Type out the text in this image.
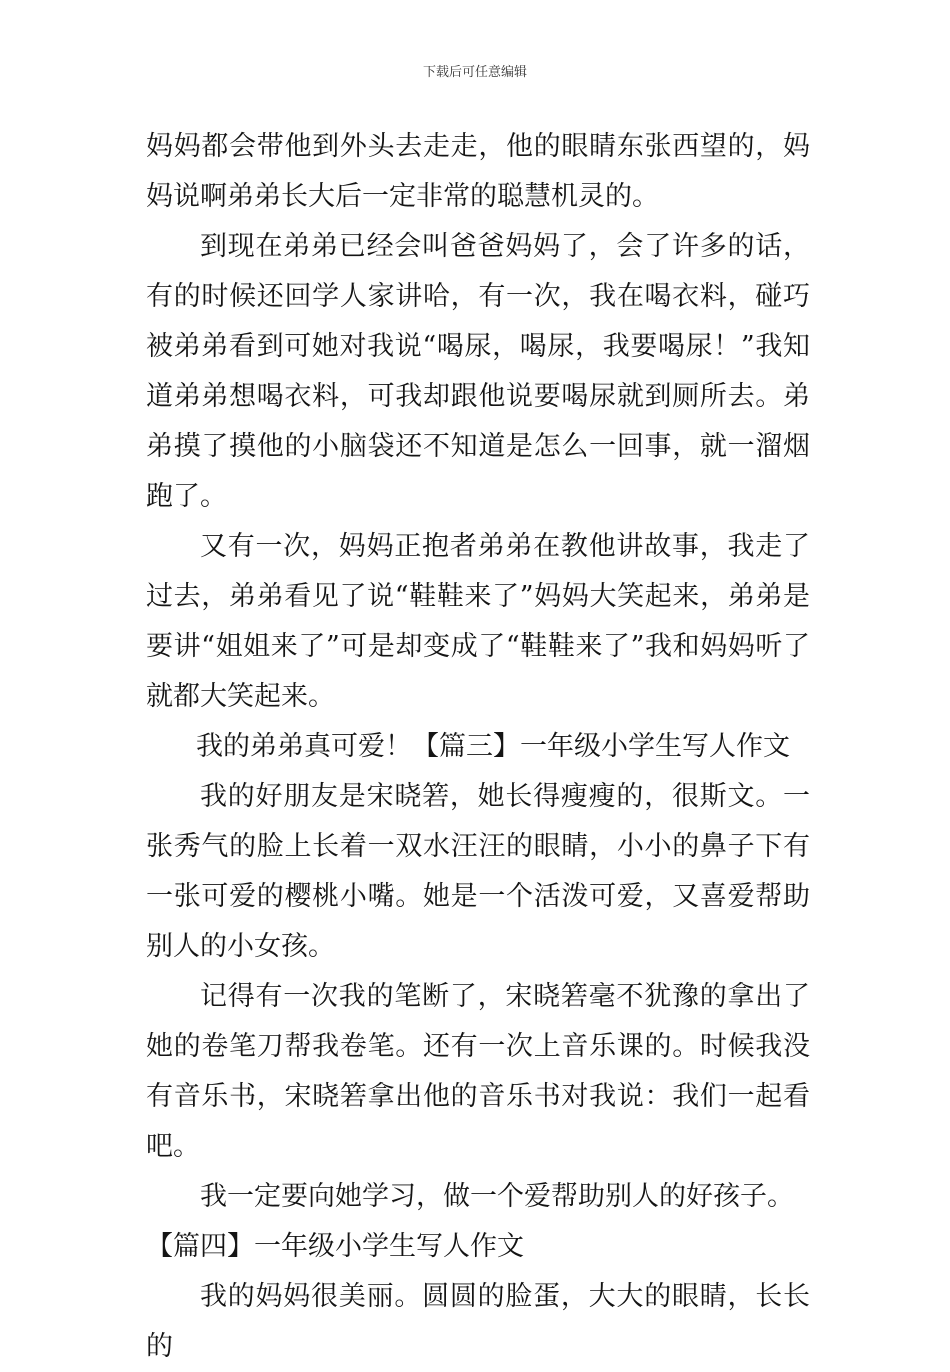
下载后可任意编辑

妈妈都会带他到外头去走走，他的眼睛东张西望的，妈妈说啊弟弟长大后一定非常的聪慧机灵的。

到现在弟弟已经会叫爸爸妈妈了，会了许多的话，有的时候还回学人家讲哈，有一次，我在喝衣料，碰巧被弟弟看到可她对我说“喝尿，喝尿，我要喝尿！”我知道弟弟想喝衣料，可我却跟他说要喝尿就到厕所去。弟弟摸了摸他的小脑袋还不知道是怎么一回事，就一溜烟跑了。

又有一次，妈妈正抱者弟弟在教他讲故事，我走了过去，弟弟看见了说“鞋鞋来了”妈妈大笑起来，弟弟是要讲“姐姐来了”可是却变成了“鞋鞋来了”我和妈妈听了就都大笑起来。

我的弟弟真可爱！【篇三】一年级小学生写人作文

我的好朋友是宋晓箬，她长得瘦瘦的，很斯文。一张秀气的脸上长着一双水汪汪的眼睛，小小的鼻子下有一张可爱的樱桃小嘴。她是一个活泼可爱，又喜爱帮助别人的小女孩。

记得有一次我的笔断了，宋晓箬毫不犹豫的拿出了她的卷笔刀帮我卷笔。还有一次上音乐课的。时候我没有音乐书，宋晓箬拿出他的音乐书对我说：我们一起看吧。

我一定要向她学习，做一个爱帮助别人的好孩子。

【篇四】一年级小学生写人作文

我的妈妈很美丽。圆圆的脸蛋，大大的眼睛，长长的
